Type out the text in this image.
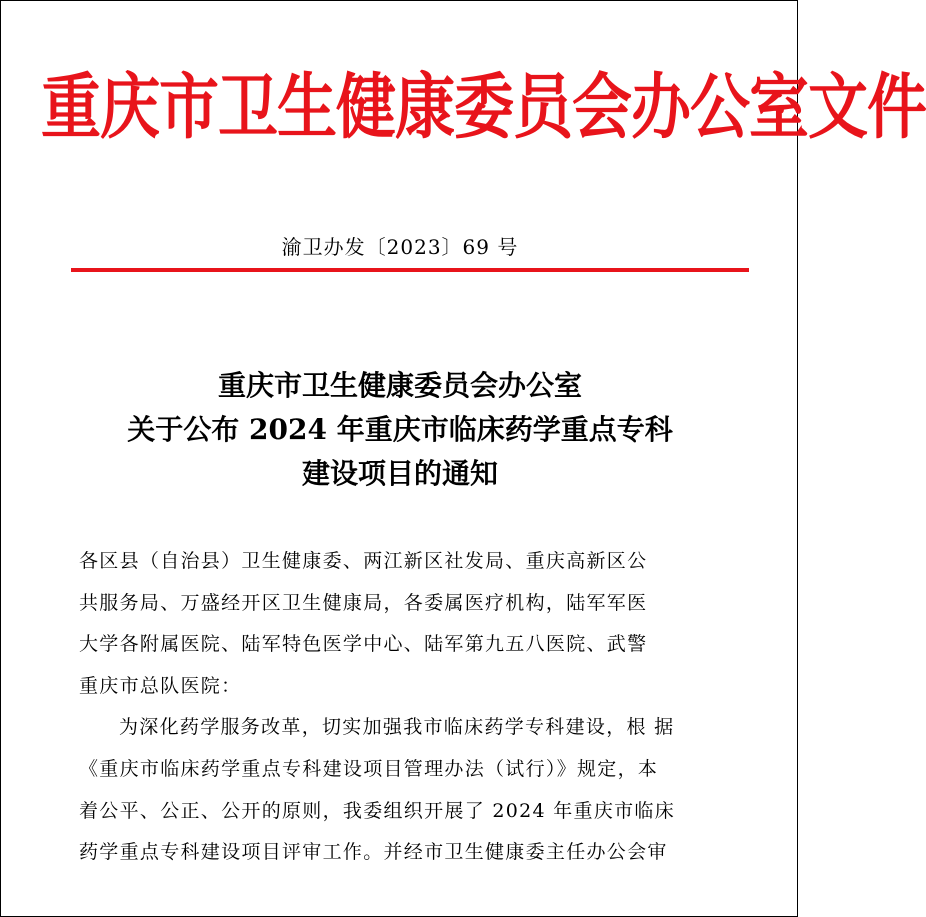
重庆市卫生健康委员会办公室文件
渝卫办发〔2023〕69 号
重庆市卫生健康委员会办公室
关于公布 2024 年重庆市临床药学重点专科
建设项目的通知
各区县（自治县）卫生健康委、两江新区社发局、重庆高新区公
共服务局、万盛经开区卫生健康局，各委属医疗机构，陆军军医
大学各附属医院、陆军特色医学中心、陆军第九五八医院、武警
重庆市总队医院：
为深化药学服务改革，切实加强我市临床药学专科建设，根 据
《重庆市临床药学重点专科建设项目管理办法（试行）》规定，本
着公平、公正、公开的原则，我委组织开展了 2024 年重庆市临床
药学重点专科建设项目评审工作。并经市卫生健康委主任办公会审
